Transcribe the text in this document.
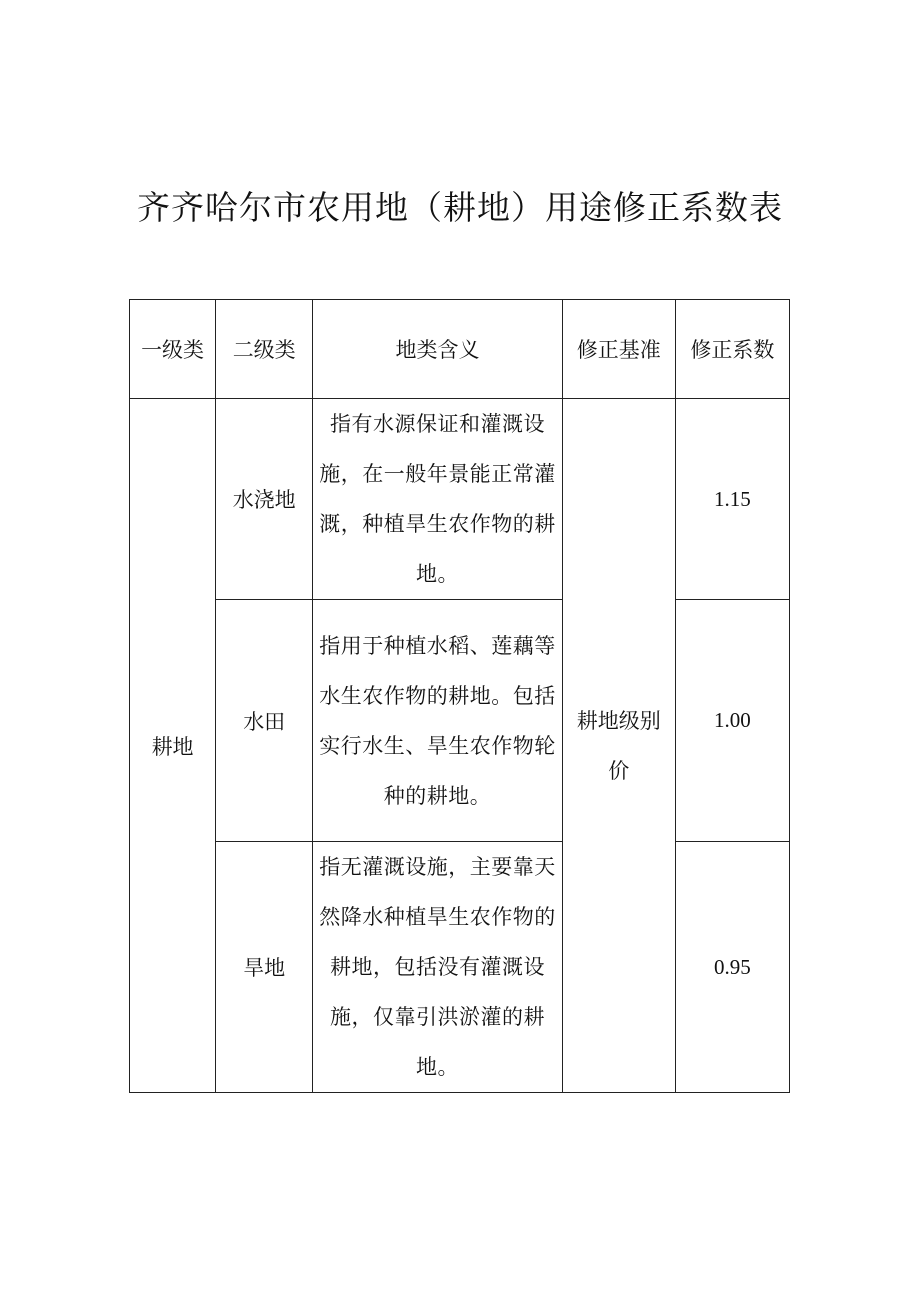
齐齐哈尔市农用地（耕地）用途修正系数表
一级类	二级类	地类含义	修正基准	修正系数
耕地	水浇地	指有水源保证和灌溉设施，在一般年景能正常灌溉，种植旱生农作物的耕地。	耕地级别价	1.15
	水田	指用于种植水稻、莲藕等水生农作物的耕地。包括实行水生、旱生农作物轮种的耕地。		1.00
	旱地	指无灌溉设施，主要靠天然降水种植旱生农作物的耕地，包括没有灌溉设施，仅靠引洪淤灌的耕地。		0.95
